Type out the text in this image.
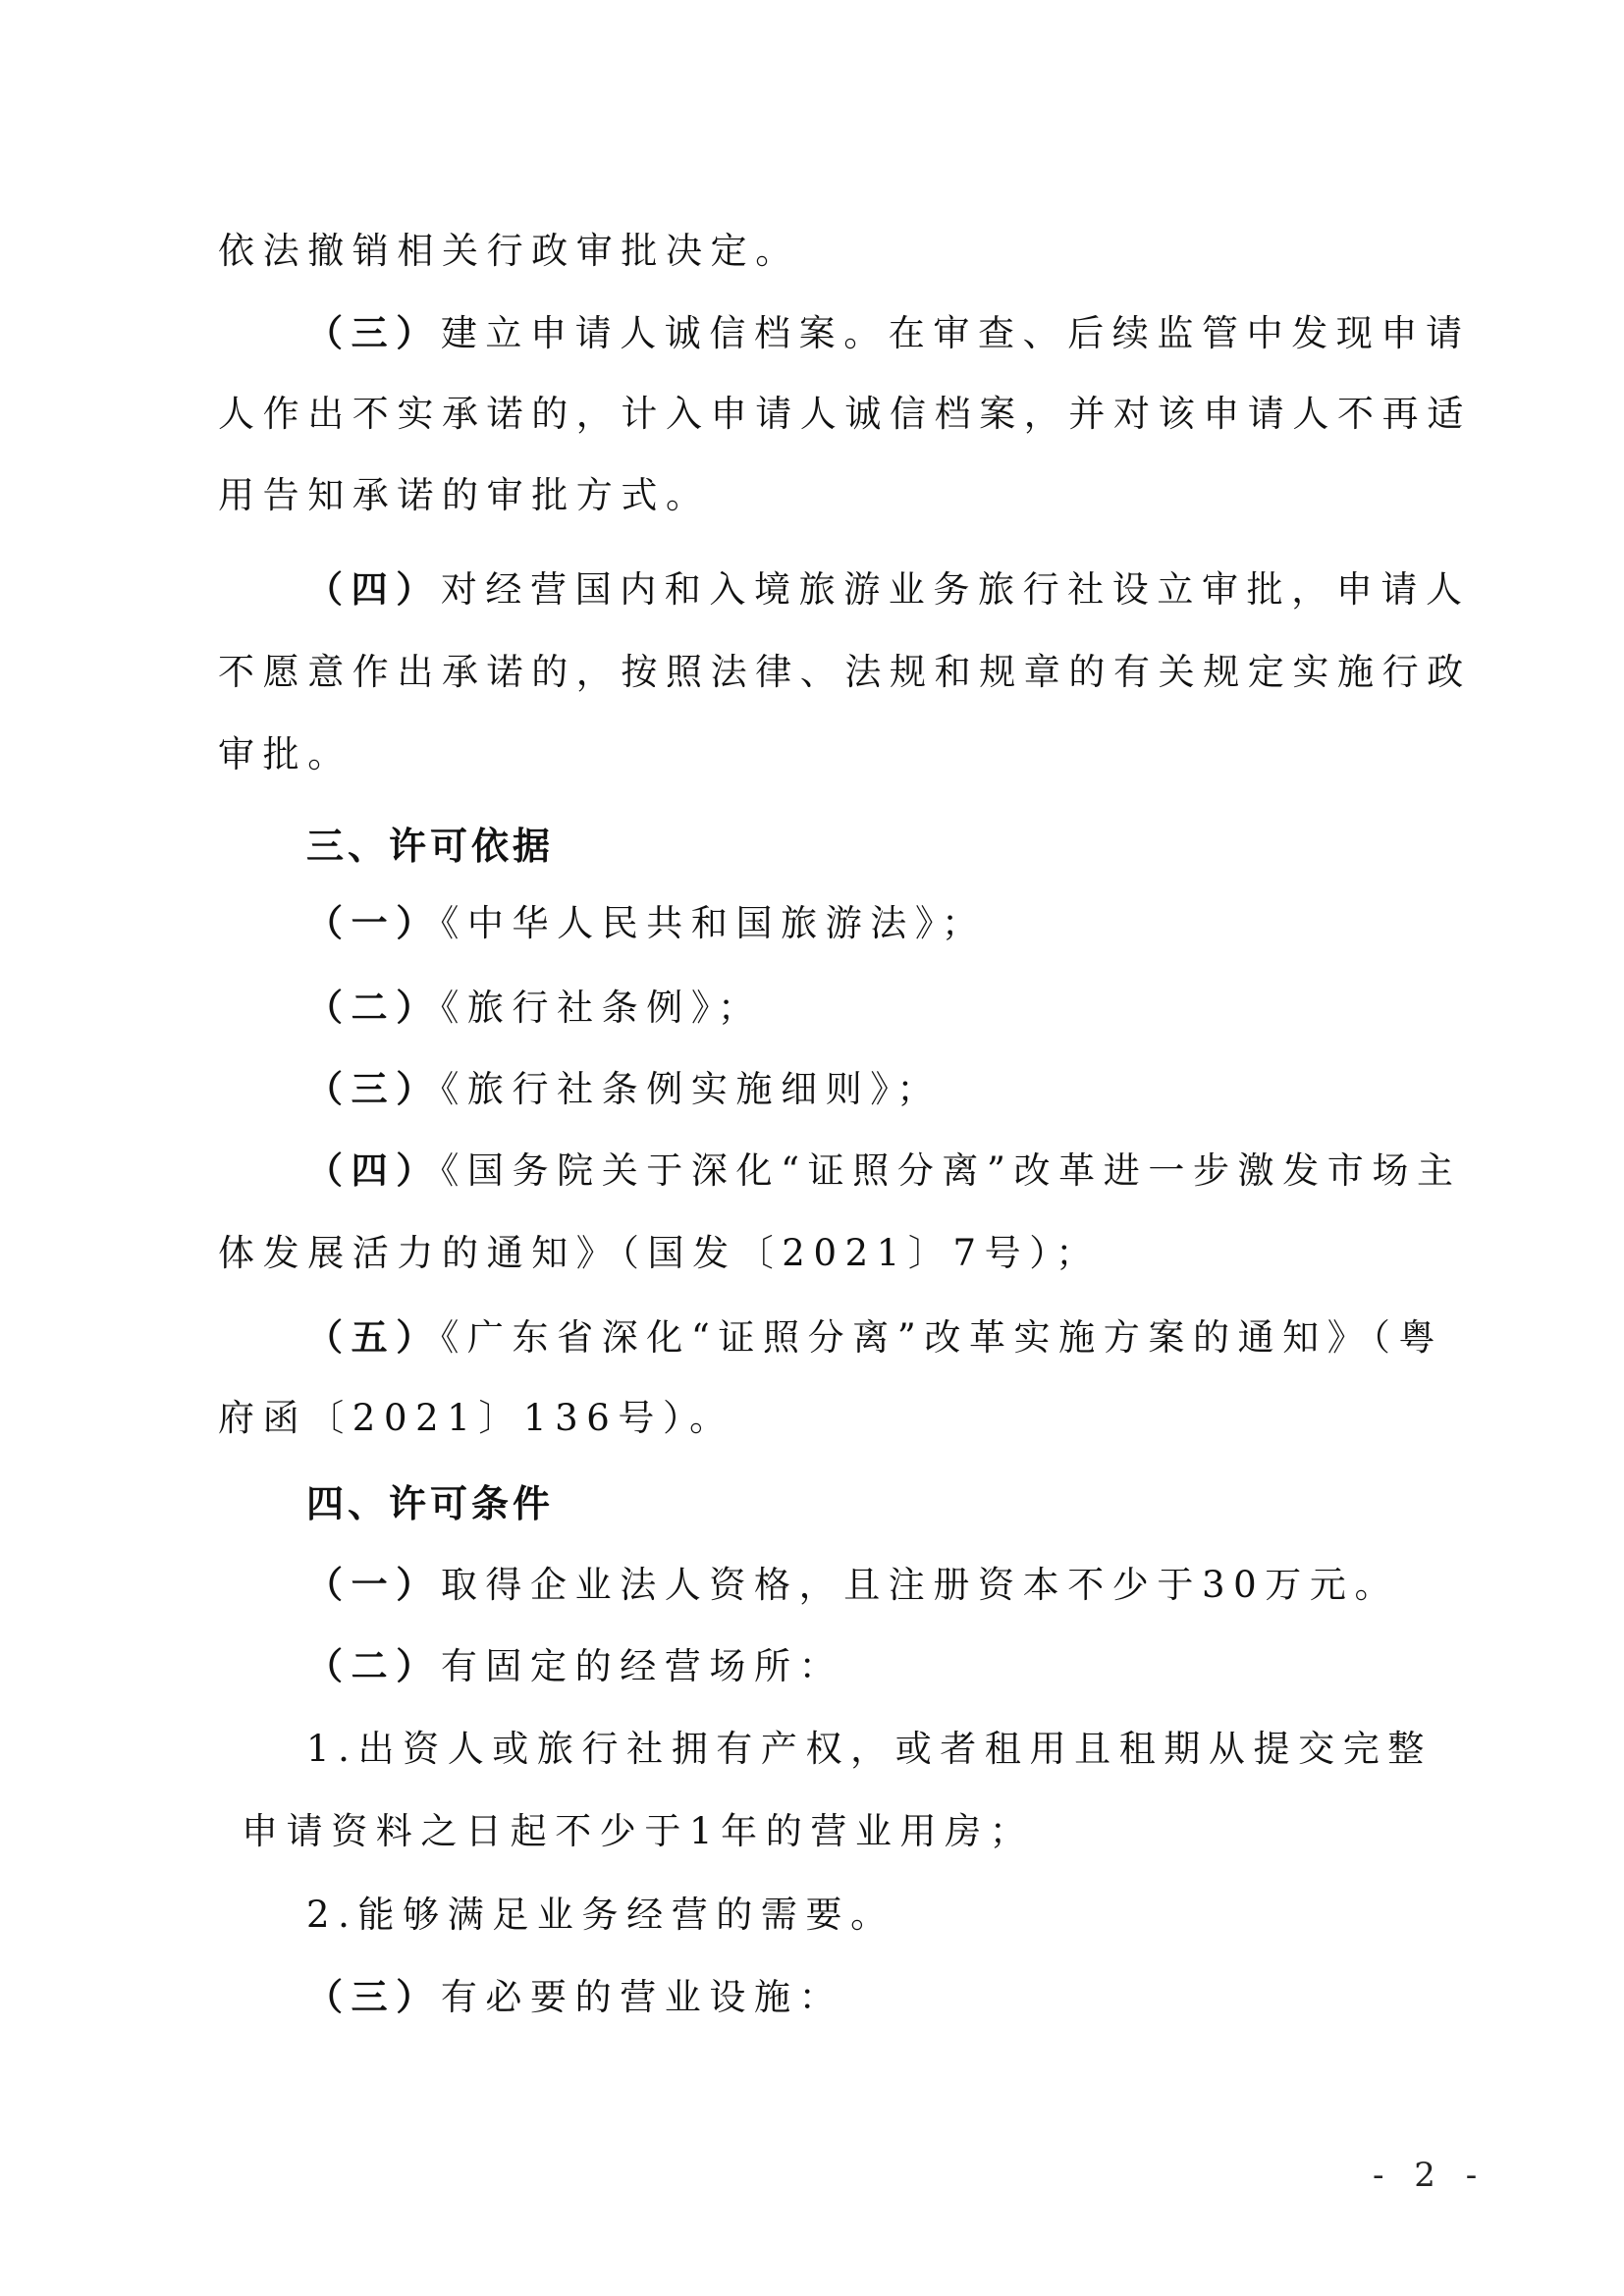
依法撤销相关行政审批决定。
（三）建立申请人诚信档案。在审查、后续监管中发现申请
人作出不实承诺的，计入申请人诚信档案，并对该申请人不再适
用告知承诺的审批方式。
（四）对经营国内和入境旅游业务旅行社设立审批，申请人
不愿意作出承诺的，按照法律、法规和规章的有关规定实施行政
审批。
三、许可依据
（一）《中华人民共和国旅游法》；
（二）《旅行社条例》；
（三）《旅行社条例实施细则》；
（四）《国务院关于深化“证照分离”改革进一步激发市场主
体发展活力的通知》（国发〔2021〕7号）；
（五）《广东省深化“证照分离”改革实施方案的通知》（粤
府函〔2021〕136号）。
四、许可条件
（一）取得企业法人资格，且注册资本不少于30万元。
（二）有固定的经营场所：
1.出资人或旅行社拥有产权，或者租用且租期从提交完整
申请资料之日起不少于1年的营业用房；
2.能够满足业务经营的需要。
（三）有必要的营业设施：
- 2 -
